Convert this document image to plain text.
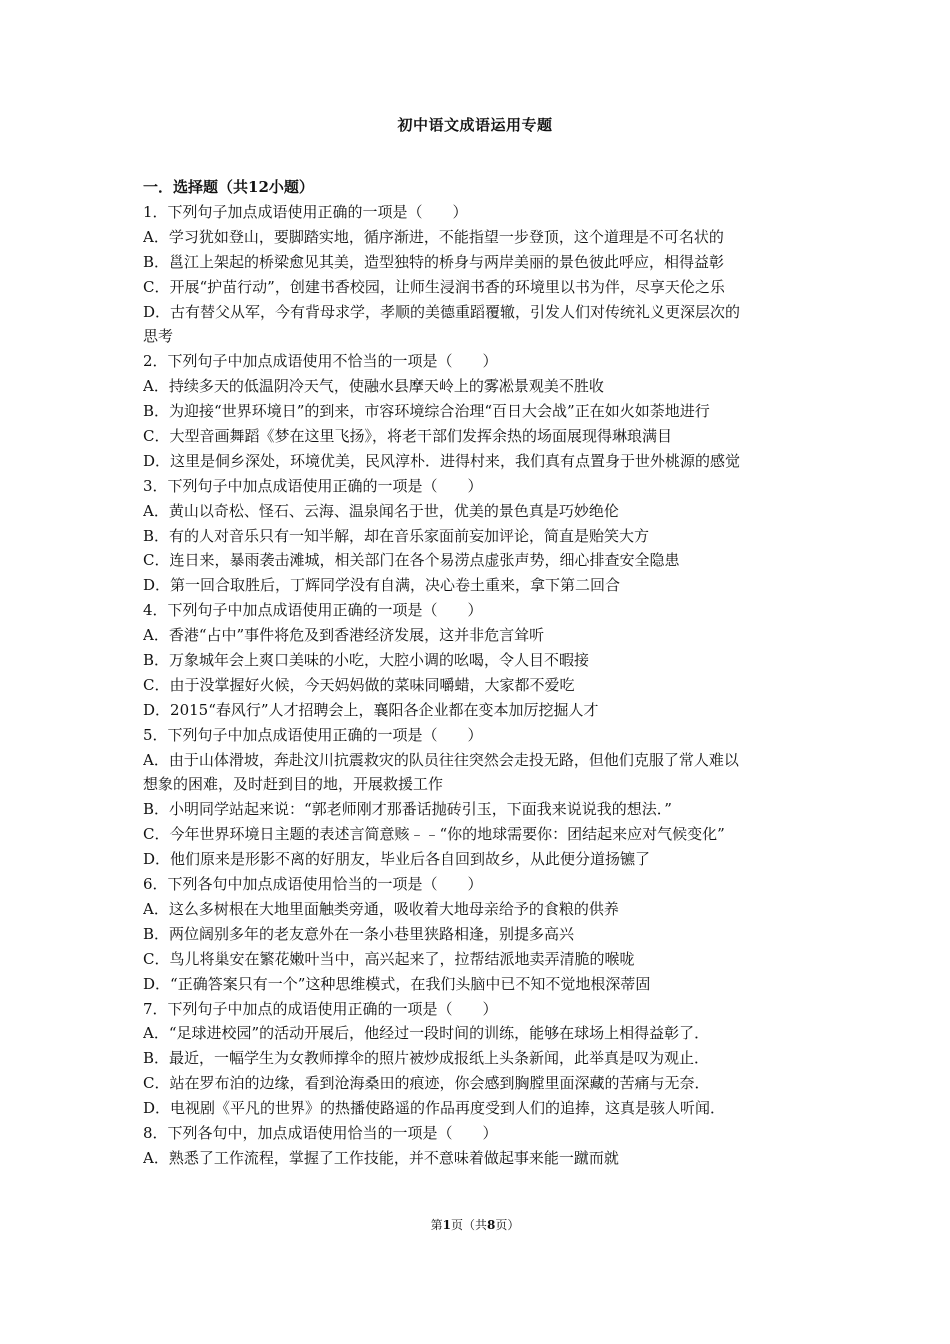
初中语文成语运用专题
一．选择题（共12小题）
1．下列句子加点成语使用正确的一项是（　　）
A．学习犹如登山，要脚踏实地，循序渐进，不能指望一步登顶，这个道理是不可名状的
B．邕江上架起的桥梁愈见其美，造型独特的桥身与两岸美丽的景色彼此呼应，相得益彰
C．开展“护苗行动”，创建书香校园，让师生浸润书香的环境里以书为伴，尽享天伦之乐
D．古有替父从军，今有背母求学，孝顺的美德重蹈覆辙，引发人们对传统礼义更深层次的
思考
2．下列句子中加点成语使用不恰当的一项是（　　）
A．持续多天的低温阴冷天气，使融水县摩天岭上的雾凇景观美不胜收
B．为迎接“世界环境日”的到来，市容环境综合治理“百日大会战”正在如火如荼地进行
C．大型音画舞蹈《梦在这里飞扬》，将老干部们发挥余热的场面展现得琳琅满目
D．这里是侗乡深处，环境优美，民风淳朴．进得村来，我们真有点置身于世外桃源的感觉
3．下列句子中加点成语使用正确的一项是（　　）
A．黄山以奇松、怪石、云海、温泉闻名于世，优美的景色真是巧妙绝伦
B．有的人对音乐只有一知半解，却在音乐家面前妄加评论，简直是贻笑大方
C．连日来，暴雨袭击滩城，相关部门在各个易涝点虚张声势，细心排查安全隐患
D．第一回合取胜后，丁辉同学没有自满，决心卷土重来，拿下第二回合
4．下列句子中加点成语使用正确的一项是（　　）
A．香港“占中”事件将危及到香港经济发展，这并非危言耸听
B．万象城年会上爽口美味的小吃，大腔小调的吆喝，令人目不暇接
C．由于没掌握好火候，今天妈妈做的菜味同嚼蜡，大家都不爱吃
D．2015“春风行”人才招聘会上，襄阳各企业都在变本加厉挖掘人才
5．下列句子中加点成语使用正确的一项是（　　）
A．由于山体滑坡，奔赴汶川抗震救灾的队员往往突然会走投无路，但他们克服了常人难以
想象的困难，及时赶到目的地，开展救援工作
B．小明同学站起来说：“郭老师刚才那番话抛砖引玉，下面我来说说我的想法．”
C．今年世界环境日主题的表述言简意赅﹣﹣“你的地球需要你：团结起来应对气候变化”
D．他们原来是形影不离的好朋友，毕业后各自回到故乡，从此便分道扬镳了
6．下列各句中加点成语使用恰当的一项是（　　）
A．这么多树根在大地里面触类旁通，吸收着大地母亲给予的食粮的供养
B．两位阔别多年的老友意外在一条小巷里狭路相逢，别提多高兴
C．鸟儿将巢安在繁花嫩叶当中，高兴起来了，拉帮结派地卖弄清脆的喉咙
D．“正确答案只有一个”这种思维模式，在我们头脑中已不知不觉地根深蒂固
7．下列句子中加点的成语使用正确的一项是（　　）
A．“足球进校园”的活动开展后，他经过一段时间的训练，能够在球场上相得益彰了．
B．最近，一幅学生为女教师撑伞的照片被炒成报纸上头条新闻，此举真是叹为观止．
C．站在罗布泊的边缘，看到沧海桑田的痕迹，你会感到胸膛里面深藏的苦痛与无奈．
D．电视剧《平凡的世界》的热播使路遥的作品再度受到人们的追捧，这真是骇人听闻．
8．下列各句中，加点成语使用恰当的一项是（　　）
A．熟悉了工作流程，掌握了工作技能，并不意味着做起事来能一蹴而就
第1页（共8页）
